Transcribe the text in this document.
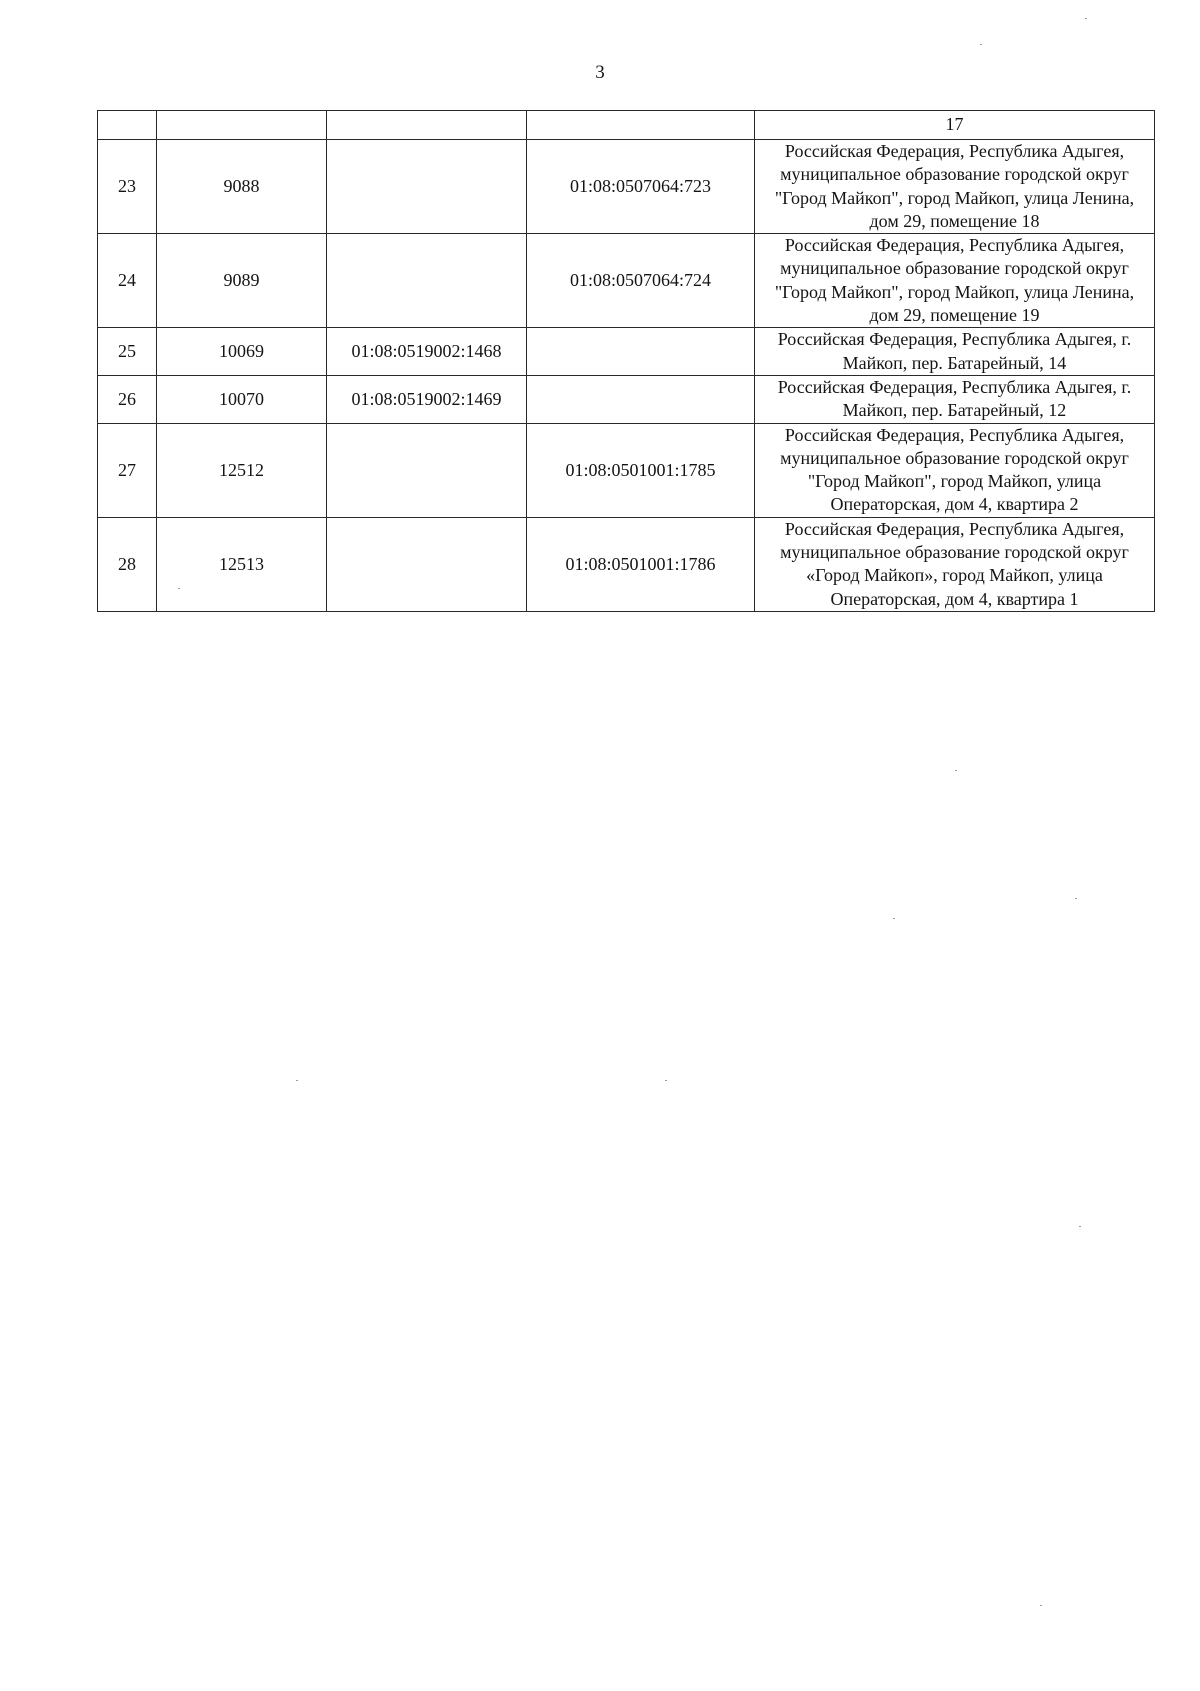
3
				17
23	9088		01:08:0507064:723	Российская Федерация, Республика Адыгея, муниципальное образование городской округ "Город Майкоп", город Майкоп, улица Ленина, дом 29, помещение 18
24	9089		01:08:0507064:724	Российская Федерация, Республика Адыгея, муниципальное образование городской округ "Город Майкоп", город Майкоп, улица Ленина, дом 29, помещение 19
25	10069	01:08:0519002:1468		Российская Федерация, Республика Адыгея, г. Майкоп, пер. Батарейный, 14
26	10070	01:08:0519002:1469		Российская Федерация, Республика Адыгея, г. Майкоп, пер. Батарейный, 12
27	12512		01:08:0501001:1785	Российская Федерация, Республика Адыгея, муниципальное образование городской округ "Город Майкоп", город Майкоп, улица Операторская, дом 4, квартира 2
28	12513		01:08:0501001:1786	Российская Федерация, Республика Адыгея, муниципальное образование городской округ «Город Майкоп», город Майкоп, улица Операторская, дом 4, квартира 1
